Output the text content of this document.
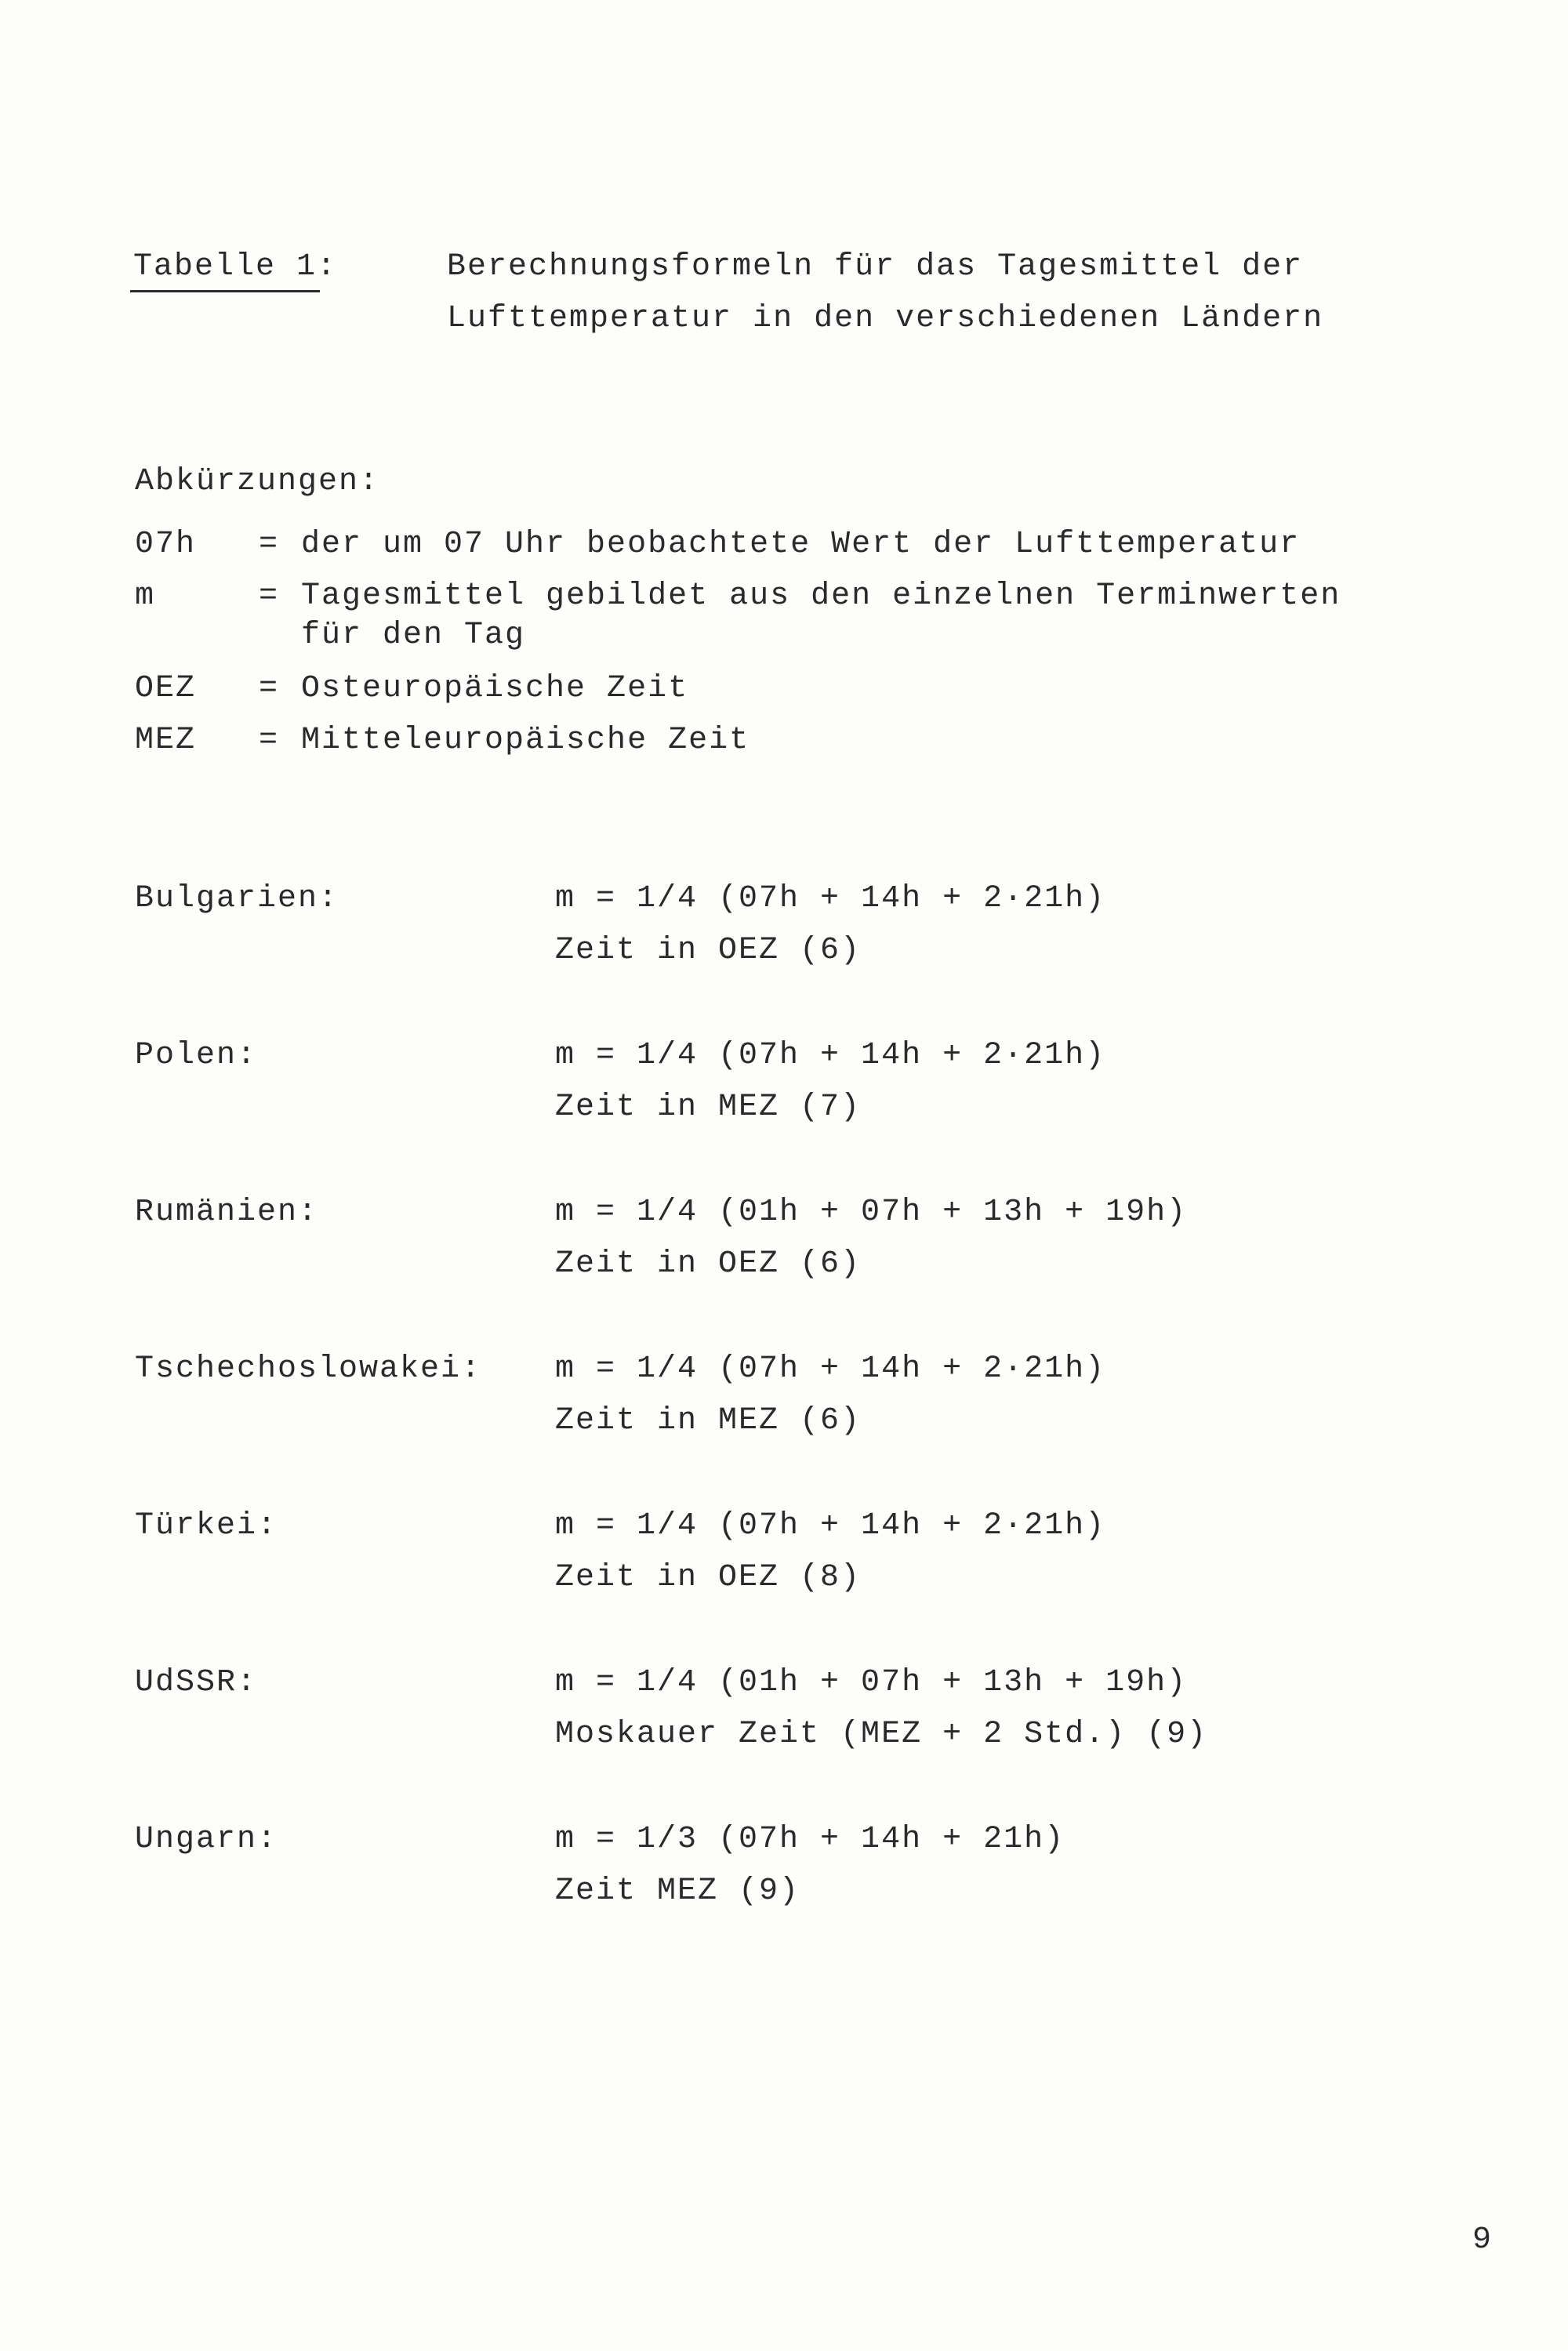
Tabelle 1:	Berechnungsformeln für das Tagesmittel der
Lufttemperatur in den verschiedenen Ländern
Abkürzungen:
07h = der um 07 Uhr beobachtete Wert der Lufttemperatur
m	= Tagesmittel gebildet aus den einzelnen Terminwerten
für den Tag
OEZ = Osteuropäische Zeit
MEZ = Mitteleuropäische Zeit
Bulgarien:	m = 1/4 (07h + 14h + 2·21h)
Zeit in OEZ (6)
Polen:	m = 1/4 (07h + 14h + 2·21h)
Zeit in MEZ (7)
Rumänien:	m = 1/4 (01h + 07h + 13h + 19h)
Zeit in OEZ (6)
Tschechoslowakei: m = 1/4 (07h + 14h + 2·21h)
Zeit in MEZ (6)
Türkei:	m = 1/4 (07h + 14h + 2·21h)
Zeit in OEZ (8)
UdSSR:	m = 1/4 (01h + 07h + 13h + 19h)
Moskauer Zeit (MEZ + 2 Std.) (9)
Ungarn:	m = 1/3 (07h + 14h + 21h)
Zeit MEZ (9)
9
